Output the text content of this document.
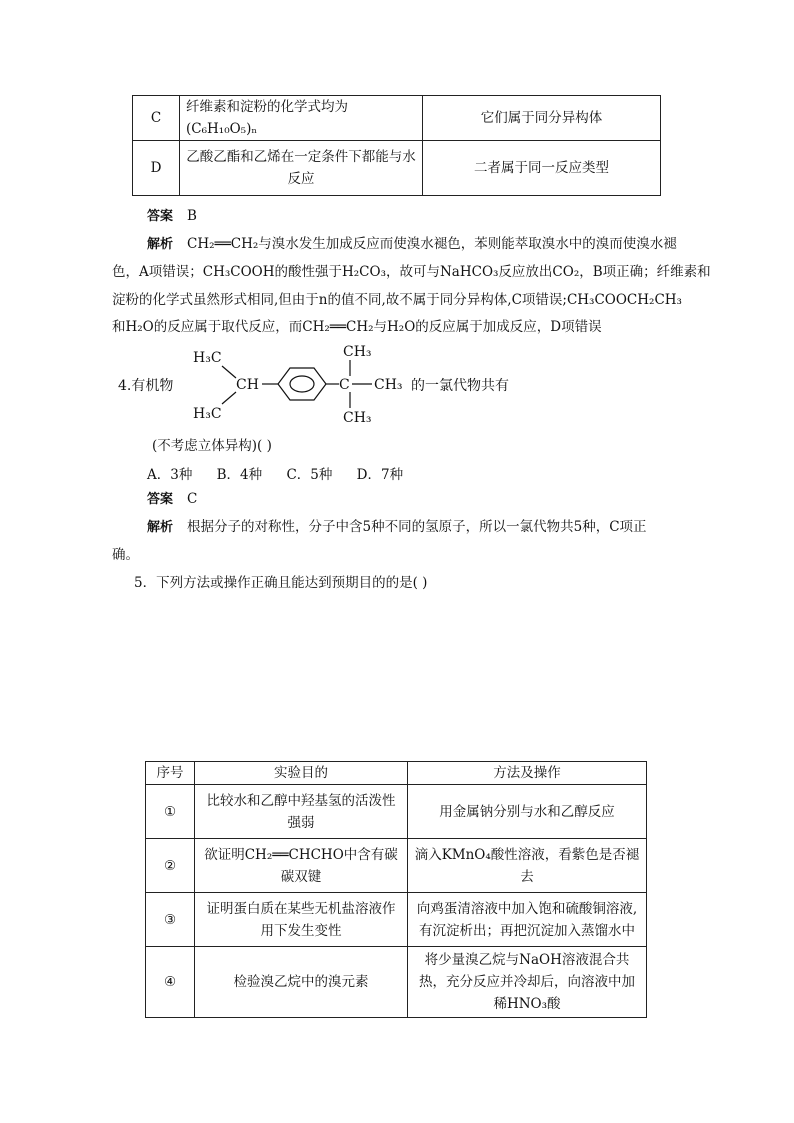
C	纤维素和淀粉的化学式均为(C₆H₁₀O₅)ₙ	它们属于同分异构体
D	乙酸乙酯和乙烯在一定条件下都能与水反应	二者属于同一反应类型
答案 B
解析 CH₂══CH₂与溴水发生加成反应而使溴水褪色，苯则能萃取溴水中的溴而使溴水褪
色，A项错误；CH₃COOH的酸性强于H₂CO₃，故可与NaHCO₃反应放出CO₂，B项正确；纤维素和
淀粉的化学式虽然形式相同,但由于n的值不同,故不属于同分异构体,C项错误;CH₃COOCH₂CH₃
和H₂O的反应属于取代反应，而CH₂══CH₂与H₂O的反应属于加成反应，D项错误
4.有机物
H₃C
H₃C
CH	C
CH₃
CH₃
CH₃
的一氯代物共有
(不考虑立体异构)( )
A．3种 B．4种 C．5种 D．7种
答案 C
解析 根据分子的对称性，分子中含5种不同的氢原子，所以一氯代物共5种，C项正
确。
5．下列方法或操作正确且能达到预期目的的是( )
序号	实验目的	方法及操作
①	比较水和乙醇中羟基氢的活泼性强弱	用金属钠分别与水和乙醇反应
②	欲证明CH₂══CHCHO中含有碳碳双键	滴入KMnO₄酸性溶液，看紫色是否褪去
③	证明蛋白质在某些无机盐溶液作用下发生变性	向鸡蛋清溶液中加入饱和硫酸铜溶液,有沉淀析出；再把沉淀加入蒸馏水中
④	检验溴乙烷中的溴元素	将少量溴乙烷与NaOH溶液混合共热，充分反应并冷却后，向溶液中加稀HNO₃酸
